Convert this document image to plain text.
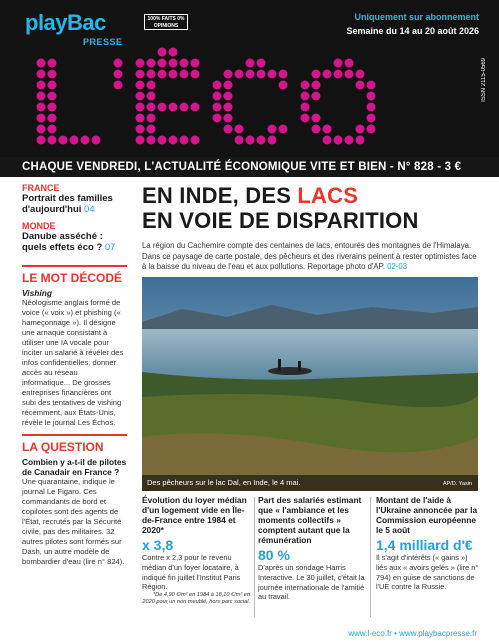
playBac
PRESSE
100% FAITS 0% OPINIONS
Uniquement sur abonnement
Semaine du 14 au 20 août 2026
ISSN 2115-0569
CHAQUE VENDREDI, L'ACTUALITÉ ÉCONOMIQUE VITE ET BIEN - N° 828 - 3 €
FRANCE
Portrait des familles d'aujourd'hui 04
MONDE
Danube asséché : quels effets éco ? 07
LE MOT DÉCODÉ
Vishing
Néologisme anglais formé de voice (« voix ») et phishing (« hameçonnage »). Il désigne une arnaque consistant à utiliser une IA vocale pour inciter un salarié à révéler des infos confidentielles, donner accès au réseau informatique... De grosses entreprises financières ont subi des tentatives de vishing récemment, aux États-Unis, révèle le journal Les Échos.
LA QUESTION
Combien y a-t-il de pilotes de Canadair en France ?
Une quarantaine, indique le journal Le Figaro. Ces commandants de bord et copilotes sont des agents de l'État, recrutés par la Sécurité civile, pas des militaires. 32 autres pilotes sont formés sur Dash, un autre modèle de bombardier d'eau (lire n° 824).
EN INDE, DES LACS
EN VOIE DE DISPARITION
La région du Cachemire compte des centaines de lacs, entourés des montagnes de l'Himalaya. Dans ce paysage de carte postale, des pêcheurs et des riverains peinent à rester optimistes face à la baisse du niveau de l'eau et aux pollutions. Reportage photo d'AP. 02-03
Des pêcheurs sur le lac Dal, en Inde, le 4 mai.	AP/D. Yasin
Évolution du loyer médian d'un logement vide en Île-de-France entre 1984 et 2020*
x 3,8
Contre x 2,3 pour le revenu médian d'un foyer locataire, à indiqué fin juillet l'Institut Paris Région.
*De 4,90 €/m² en 1984 à 18,10 €/m² en 2020 pour un non meublé, hors parc social.
Part des salariés estimant que « l'ambiance et les moments collectifs » comptent autant que la rémunération
80 %
D'après un sondage Harris Interactive. Le 30 juillet, c'était la journée internationale de l'amitié au travail.
Montant de l'aide à l'Ukraine annoncée par la Commission européenne le 5 août
1,4 milliard d'€
Il s'agit d'intérêts (« gains ») liés aux « avoirs gelés » (lire n° 794) en guise de sanctions de l'UE contre la Russie.
www.l-eco.fr • www.playbacpresse.fr
